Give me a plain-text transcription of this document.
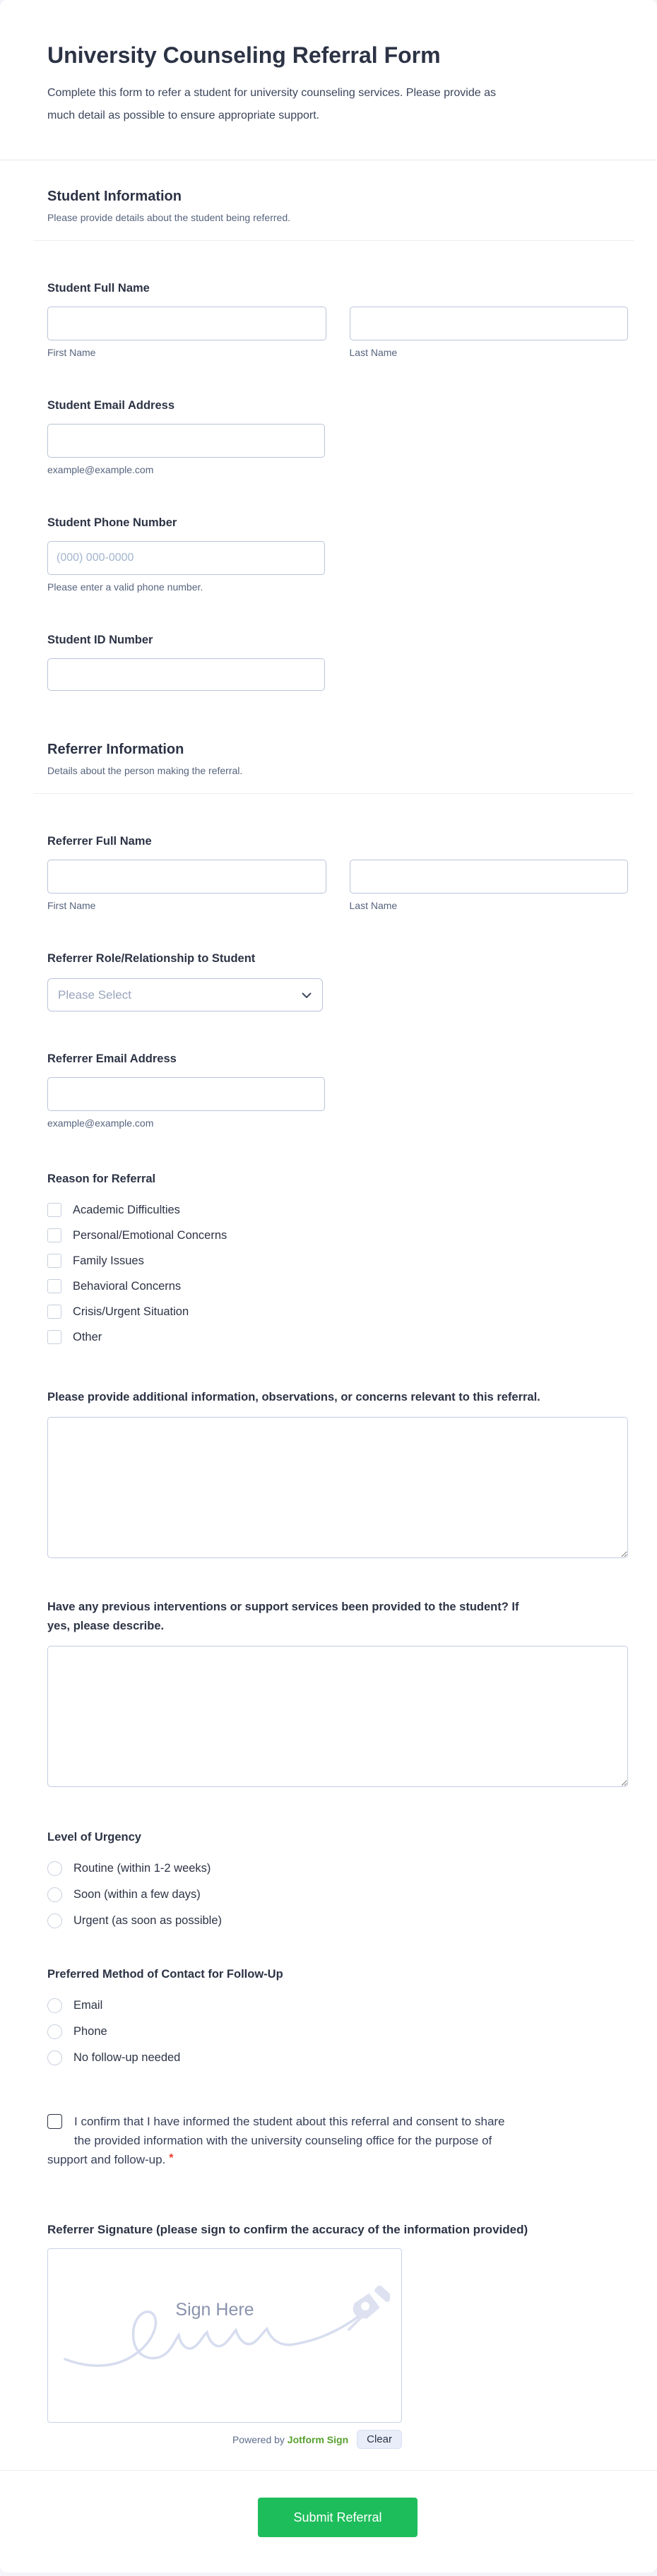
University Counseling Referral Form

Complete this form to refer a student for university counseling services. Please provide as much detail as possible to ensure appropriate support.

Student Information

Please provide details about the student being referred.

Student Full Name
First Name	Last Name
Student Email Address
example@example.com
Student Phone Number
(000) 000-0000
Please enter a valid phone number.
Student ID Number
Referrer Information

Details about the person making the referral.

Referrer Full Name
First Name	Last Name
Referrer Role/Relationship to Student
Please Select
Referrer Email Address
example@example.com
Reason for Referral
Academic Difficulties
Personal/Emotional Concerns
Family Issues
Behavioral Concerns
Crisis/Urgent Situation
Other
Please provide additional information, observations, or concerns relevant to this referral.
Have any previous interventions or support services been provided to the student? If yes, please describe.
Level of Urgency
Routine (within 1-2 weeks)
Soon (within a few days)
Urgent (as soon as possible)
Preferred Method of Contact for Follow-Up
Email
Phone
No follow-up needed
I confirm that I have informed the student about this referral and consent to share the provided information with the university counseling office for the purpose of support and follow-up. *
Referrer Signature (please sign to confirm the accuracy of the information provided)
Sign Here
Powered by Jotform Sign	Clear
Submit Referral
